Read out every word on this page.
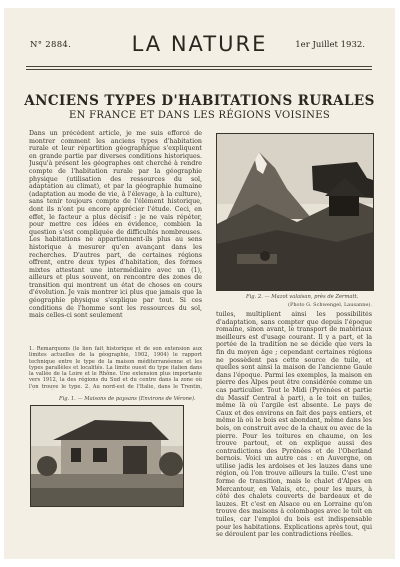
N° 2884.	LA NATURE	1er Juillet 1932.
ANCIENS TYPES D'HABITATIONS RURALES
EN FRANCE ET DANS LES RÉGIONS VOISINES
Dans un précédent article, je me suis efforcé de montrer comment les anciens types d'habitation rurale et leur répartition géographique s'expliquent en grande partie par diverses conditions historiques. Jusqu'à présent les géographes ont cherché à rendre compte de l'habitation rurale par la géographie physique (utilisation des ressources du sol, adaptation au climat), et par la géographie humaine (adaptation au mode de vie, à l'élevage, à la culture), sans tenir toujours compte de l'élément historique, dont ils n'ont pu encore apprécier l'étude. Ceci, en effet, le facteur a plus décisif : je ne vais répéter, pour mettre ces idées en évidence, combien la question s'est compliquée de difficultés nombreuses. Les habitations ne appartiennent-ils plus au sens historique à mesurer qu'en avançant dans les recherches. D'autres part, de certaines régions offrent, entre deux types d'habitation, des formes mixtes attestant une intermédiaire avec un (1), ailleurs et plus souvent, on rencontre des zones de transition qui montrent un état de choses en cours d'évolution. Je vais montrer ici plus que jamais que la géographie physique s'explique par tout. Si ces conditions de l'homme sont les ressources du sol, mais celles-ci sont seulement
1. Remarquons (le lien fait historique et de son extension aux limites actuelles de la géographie, 1902, 1904) le rapport technique entre le type de la maison méditerranéenne et les types parallèles et localités. La limite ouest du type italien dans la vallée de la Loire et le Rhône. Une extension plus importante vers 1912, la des régions du Sud et du centre dans la zone où l'on trouve le type. 2. Au nord-est de l'Italie, dans le Trentin,
Fig. 2. — Mazot valaisan, près de Zermatt.
(Photo G. Schwengel, Lausanne).
Fig. 1. — Maisons de paysans (Environs de Vérone).
tuiles, multiplient ainsi les possibilités d'adaptation, sans compter que depuis l'époque romaine, sinon avant, le transport de matériaux meilleurs est d'usage courant. Il y a part, et la portée de la tradition ne se décide que vers la fin du moyen âge ; cependant certaines régions ne possèdent pas cette source de tuile, et quelles sont ainsi la maison de l'ancienne Gaule dans l'époque. Parmi les exemples, la maison en pierre des Alpes peut être considérée comme un cas particulier. Tout le Midi (Pyrénées et partie du Massif Central à part), a le toit en tuiles, même là où l'argile est absente. Le pays de Caux et des environs en fait des pays entiers, et même là où le bois est abondant, même dans les bois, on construit avec de la chaux ou avec de la pierre. Pour les toitures en chaume, on les trouve partout, et on explique aussi des contradictions des Pyrénées et de l'Oberland bernois. Voici un autre cas : en Auvergne, on utilise jadis les ardoises et les lauzes dans une région, où l'on trouve ailleurs la tuile. C'est une forme de transition, mais le chalet d'Alpes en Mercantour, en Valais, etc., pour les murs, à côté des chalets couverts de bardeaux et de lauzes. Et c'est en Alsace ou en Lorraine qu'on trouve des maisons à colombages avec le toit en tuiles, car l'emploi du bois est indispensable pour les habitations. Explications après tout, qui se déroulent par les contradictions réelles.
